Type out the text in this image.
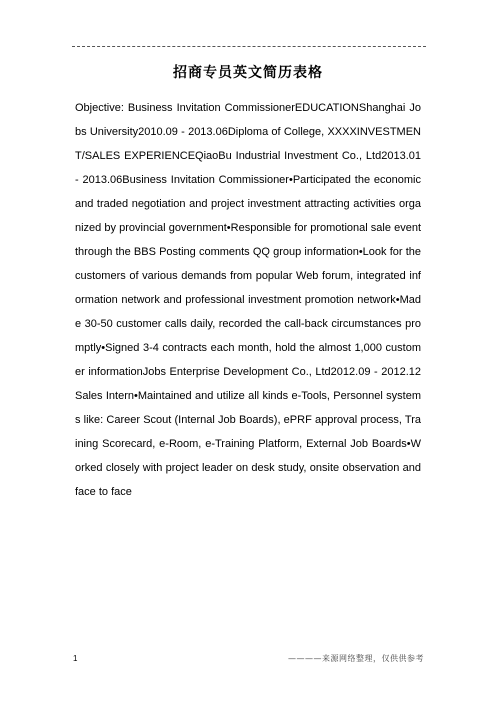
招商专员英文简历表格
Objective: Business Invitation CommissionerEDUCATIONShanghai Jobs University2010.09 - 2013.06Diploma of College, XXXXINVESTMENT/SALES EXPERIENCEQiaoBu Industrial Investment Co., Ltd2013.01 - 2013.06Business Invitation Commissioner•Participated the economic and traded negotiation and project investment attracting activities organized by provincial government•Responsible for promotional sale event through the BBS Posting comments QQ group information•Look for the customers of various demands from popular Web forum, integrated information network and professional investment promotion network•Made 30-50 customer calls daily, recorded the call-back circumstances promptly•Signed 3-4 contracts each month, hold the almost 1,000 customer informationJobs Enterprise Development Co., Ltd2012.09 - 2012.12Sales Intern•Maintained and utilize all kinds e-Tools, Personnel systems like: Career Scout (Internal Job Boards), ePRF approval process, Training Scorecard, e-Room, e-Training Platform, External Job Boards•Worked closely with project leader on desk study, onsite observation and face to face
1	————来源网络整理，仅供供参考
